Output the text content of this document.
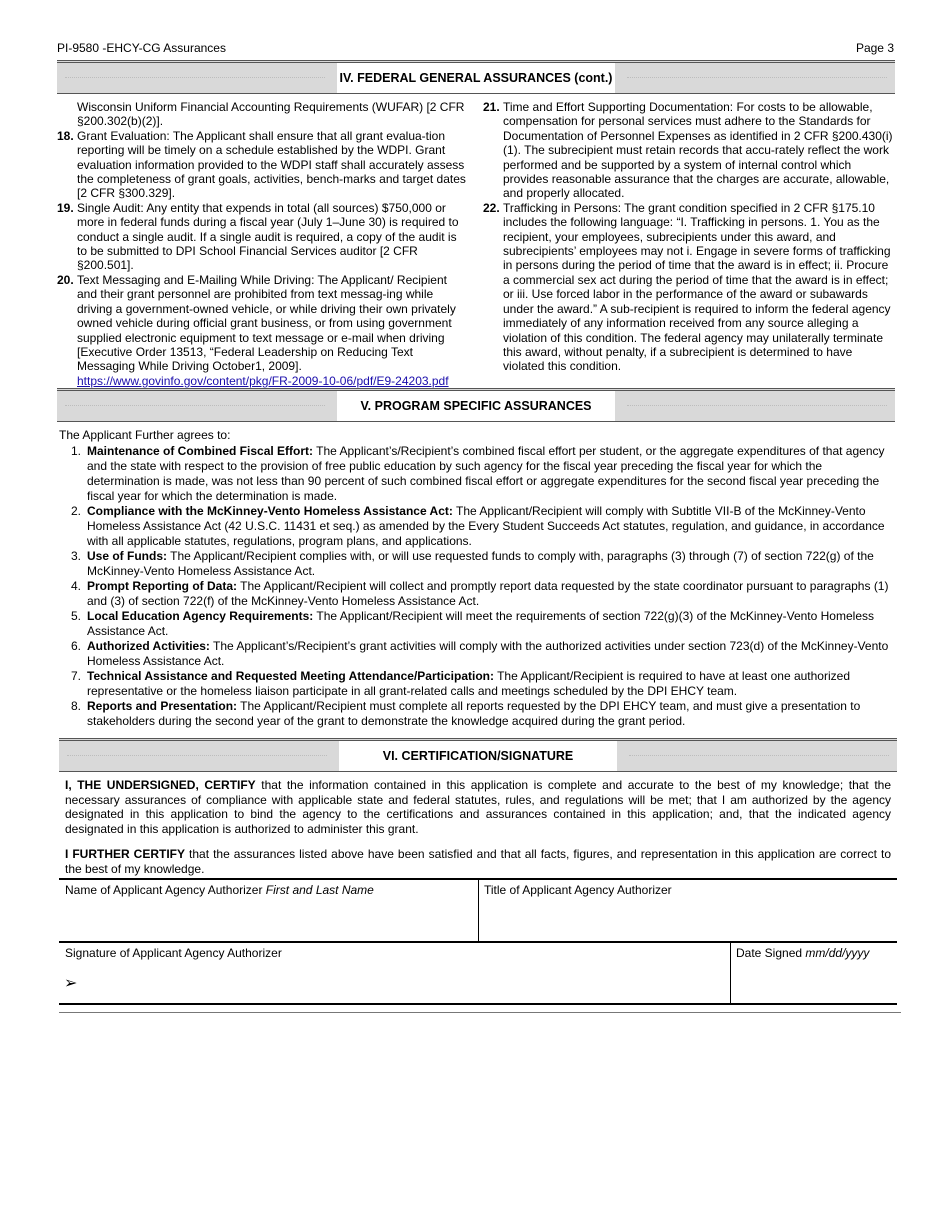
PI-9580 -EHCY-CG Assurances	Page 3
IV. FEDERAL GENERAL ASSURANCES (cont.)
Wisconsin Uniform Financial Accounting Requirements (WUFAR) [2 CFR §200.302(b)(2)].
18. Grant Evaluation: The Applicant shall ensure that all grant evalua-tion reporting will be timely on a schedule established by the WDPI. Grant evaluation information provided to the WDPI staff shall accurately assess the completeness of grant goals, activities, bench-marks and target dates [2 CFR §300.329].
19. Single Audit: Any entity that expends in total (all sources) $750,000 or more in federal funds during a fiscal year (July 1–June 30) is required to conduct a single audit. If a single audit is required, a copy of the audit is to be submitted to DPI School Financial Services auditor [2 CFR §200.501].
20. Text Messaging and E-Mailing While Driving: The Applicant/ Recipient and their grant personnel are prohibited from text messag-ing while driving a government-owned vehicle, or while driving their own privately owned vehicle during official grant business, or from using government supplied electronic equipment to text message or e-mail when driving [Executive Order 13513, “Federal Leadership on Reducing Text Messaging While Driving October1, 2009].
https://www.govinfo.gov/content/pkg/FR-2009-10-06/pdf/E9-24203.pdf
21. Time and Effort Supporting Documentation: For costs to be allowable, compensation for personal services must adhere to the Standards for Documentation of Personnel Expenses as identified in 2 CFR §200.430(i)(1). The subrecipient must retain records that accu-rately reflect the work performed and be supported by a system of internal control which provides reasonable assurance that the charges are accurate, allowable, and properly allocated.
22. Trafficking in Persons: The grant condition specified in 2 CFR §175.10 includes the following language: “I. Trafficking in persons. 1. You as the recipient, your employees, subrecipients under this award, and subrecipients’ employees may not i. Engage in severe forms of trafficking in persons during the period of time that the award is in effect; ii. Procure a commercial sex act during the period of time that the award is in effect; or iii. Use forced labor in the performance of the award or subawards under the award.” A sub-recipient is required to inform the federal agency immediately of any information received from any source alleging a violation of this condition. The federal agency may unilaterally terminate this award, without penalty, if a subrecipient is determined to have violated this condition.
V. PROGRAM SPECIFIC ASSURANCES
The Applicant Further agrees to:
1. Maintenance of Combined Fiscal Effort: The Applicant’s/Recipient’s combined fiscal effort per student, or the aggregate expenditures of that agency and the state with respect to the provision of free public education by such agency for the fiscal year preceding the fiscal year for which the determination is made, was not less than 90 percent of such combined fiscal effort or aggregate expenditures for the second fiscal year preceding the fiscal year for which the determination is made.
2. Compliance with the McKinney-Vento Homeless Assistance Act: The Applicant/Recipient will comply with Subtitle VII-B of the McKinney-Vento Homeless Assistance Act (42 U.S.C. 11431 et seq.) as amended by the Every Student Succeeds Act statutes, regulation, and guidance, in accordance with all applicable statutes, regulations, program plans, and applications.
3. Use of Funds: The Applicant/Recipient complies with, or will use requested funds to comply with, paragraphs (3) through (7) of section 722(g) of the McKinney-Vento Homeless Assistance Act.
4. Prompt Reporting of Data: The Applicant/Recipient will collect and promptly report data requested by the state coordinator pursuant to paragraphs (1) and (3) of section 722(f) of the McKinney-Vento Homeless Assistance Act.
5. Local Education Agency Requirements: The Applicant/Recipient will meet the requirements of section 722(g)(3) of the McKinney-Vento Homeless Assistance Act.
6. Authorized Activities: The Applicant’s/Recipient’s grant activities will comply with the authorized activities under section 723(d) of the McKinney-Vento Homeless Assistance Act.
7. Technical Assistance and Requested Meeting Attendance/Participation: The Applicant/Recipient is required to have at least one authorized representative or the homeless liaison participate in all grant-related calls and meetings scheduled by the DPI EHCY team.
8. Reports and Presentation: The Applicant/Recipient must complete all reports requested by the DPI EHCY team, and must give a presentation to stakeholders during the second year of the grant to demonstrate the knowledge acquired during the grant period.
VI. CERTIFICATION/SIGNATURE
I, THE UNDERSIGNED, CERTIFY that the information contained in this application is complete and accurate to the best of my knowledge; that the necessary assurances of compliance with applicable state and federal statutes, rules, and regulations will be met; that I am authorized by the agency designated in this application to bind the agency to the certifications and assurances contained in this application; and, that the indicated agency designated in this application is authorized to administer this grant.
I FURTHER CERTIFY that the assurances listed above have been satisfied and that all facts, figures, and representation in this application are correct to the best of my knowledge.
Name of Applicant Agency Authorizer First and Last Name	Title of Applicant Agency Authorizer
Signature of Applicant Agency Authorizer
➢
Date Signed mm/dd/yyyy
